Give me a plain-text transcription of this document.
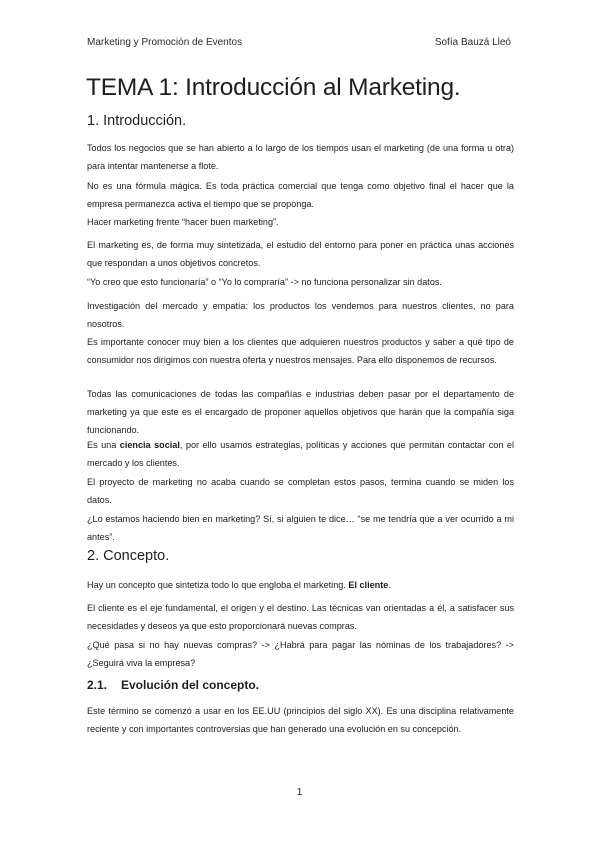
Marketing y Promoción de Eventos	Sofía Bauzá Lleó
TEMA 1: Introducción al Marketing.
1. Introducción.

Todos los negocios que se han abierto a lo largo de los tiempos usan el marketing (de una forma u otra) para intentar mantenerse a flote.

No es una fórmula mágica. Es toda práctica comercial que tenga como objetivo final el hacer que la empresa permanezca activa el tiempo que se proponga.

Hacer marketing frente “hacer buen marketing”.

El marketing es, de forma muy sintetizada, el estudio del entorno para poner en práctica unas acciones que respondan a unos objetivos concretos.

“Yo creo que esto funcionaría” o “Yo lo compraría” -> no funciona personalizar sin datos.

Investigación del mercado y empatía: los productos los vendemos para nuestros clientes, no para nosotros.

Es importante conocer muy bien a los clientes que adquieren nuestros productos y saber a qué tipo de consumidor nos dirigimos con nuestra oferta y nuestros mensajes. Para ello disponemos de recursos.

Todas las comunicaciones de todas las compañías e industrias deben pasar por el departamento de marketing ya que este es el encargado de proponer aquellos objetivos que harán que la compañía siga funcionando.

Es una ciencia social, por ello usamos estrategias, políticas y acciones que permitan contactar con el mercado y los clientes.

El proyecto de marketing no acaba cuando se completan estos pasos, termina cuando se miden los datos.

¿Lo estamos haciendo bien en marketing? Sí, si alguien te dice… “se me tendría que a ver ocurrido a mi antes”.

2. Concepto.

Hay un concepto que sintetiza todo lo que engloba el marketing. El cliente.

El cliente es el eje fundamental, el origen y el destino. Las técnicas van orientadas a él, a satisfacer sus necesidades y deseos ya que esto proporcionará nuevas compras.

¿Qué pasa si no hay nuevas compras? -> ¿Habrá para pagar las nóminas de los trabajadores? -> ¿Seguirá viva la empresa?

2.1. Evolución del concepto.

Este término se comenzó a usar en los EE.UU (principios del siglo XX). Es una disciplina relativamente reciente y con importantes controversias que han generado una evolución en su concepción.

1
